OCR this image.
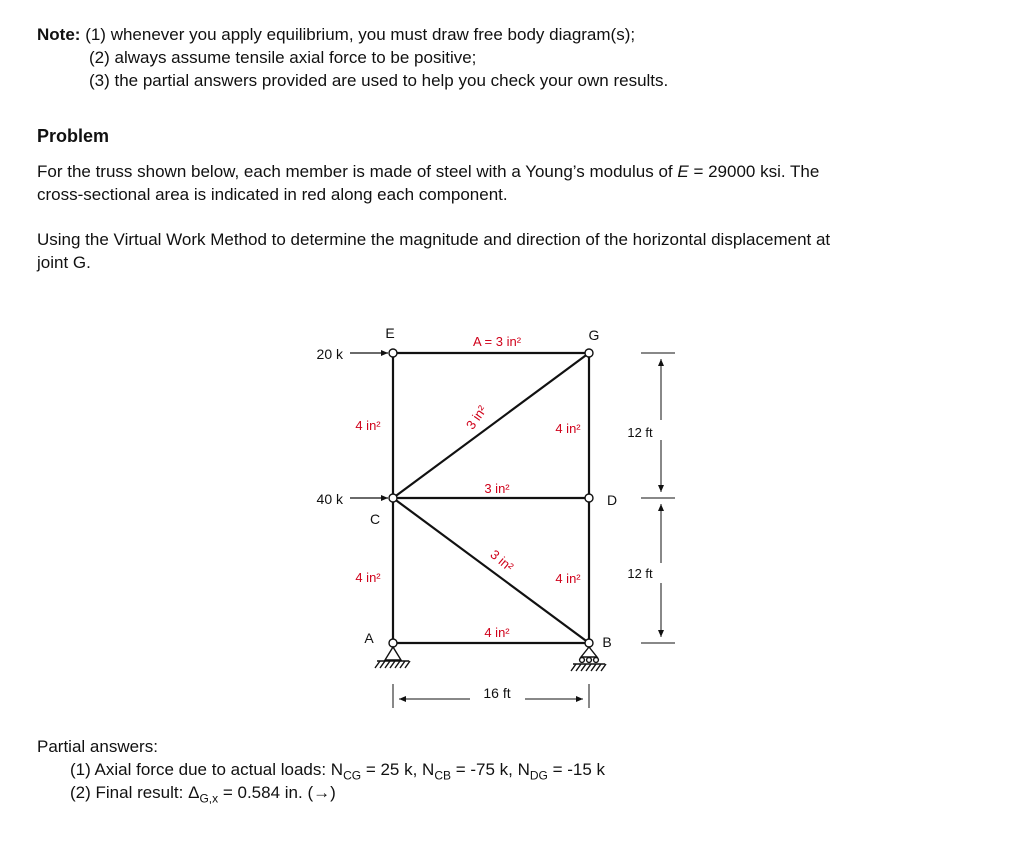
Note: (1) whenever you apply equilibrium, you must draw free body diagram(s);
(2) always assume tensile axial force to be positive;
(3) the partial answers provided are used to help you check your own results.
Problem
For the truss shown below, each member is made of steel with a Young’s modulus of E = 29000 ksi. The
cross-sectional area is indicated in red along each component.
Using the Virtual Work Method to determine the magnitude and direction of the horizontal displacement at
joint G.
20 k
40 k
E	G
C
D
A	B
A = 3 in²
4 in²	4 in²
3 in²
3 in²
3 in²
4 in²	4 in²
4 in²
12 ft
12 ft
16 ft
Partial answers:
(1) Axial force due to actual loads: $N_{CG} = 25$ k, $N_{CB} = -75$ k, $N_{DG} = -15$ k
(2) Final result: $\Delta_{G,x} = 0.584$ in. (→)
